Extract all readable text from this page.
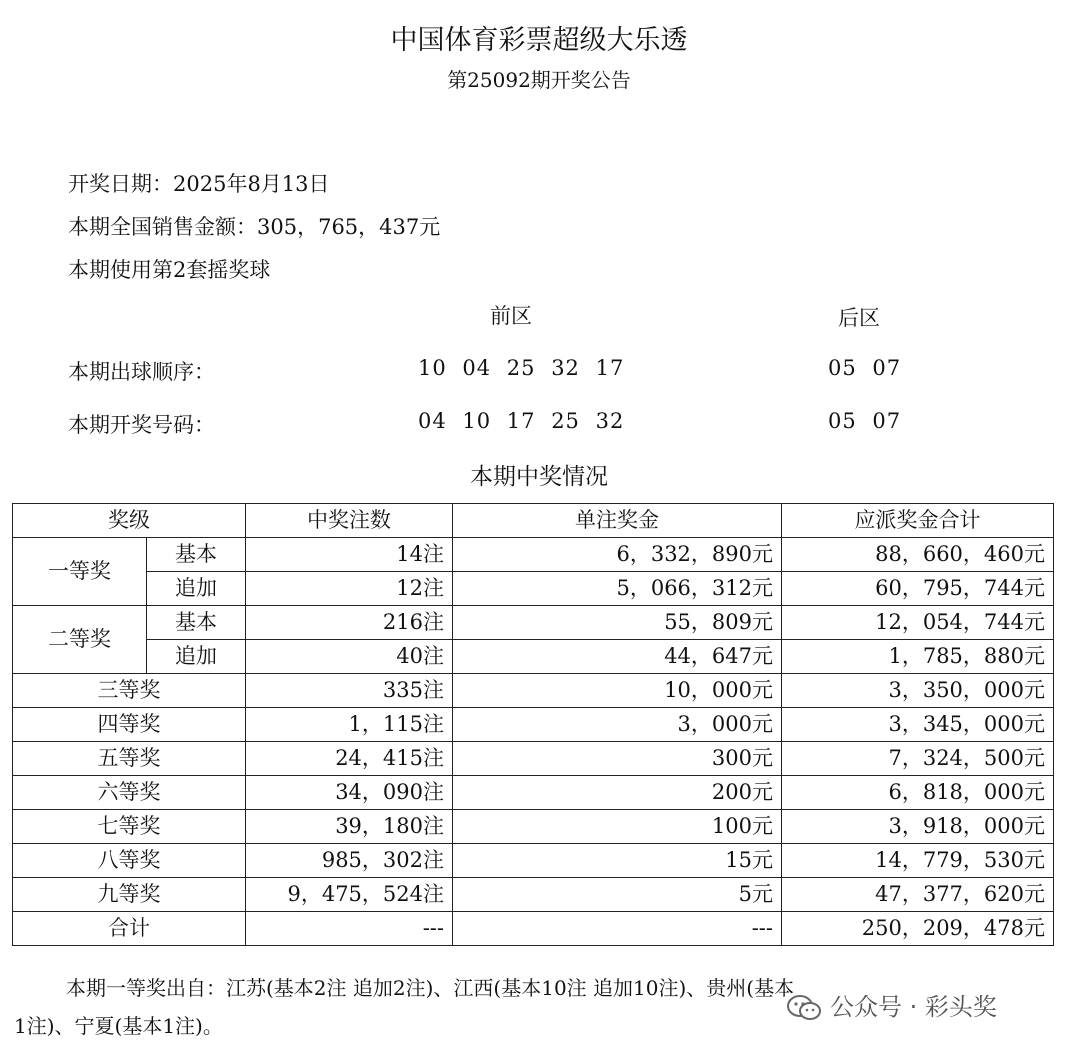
中国体育彩票超级大乐透
第25092期开奖公告
开奖日期：2025年8月13日
本期全国销售金额：305，765，437元
本期使用第2套摇奖球
前区	后区
本期出球顺序：	10 04 25 32 17	05 07
本期开奖号码：	04 10 17 25 32	05 07
本期中奖情况
奖级		中奖注数	单注奖金	应派奖金合计
一等奖	基本	14注	6，332，890元	88，660，460元
	追加	12注	5，066，312元	60，795，744元
二等奖	基本	216注	55，809元	12，054，744元
	追加	40注	44，647元	1，785，880元
三等奖		335注	10，000元	3，350，000元
四等奖		1，115注	3，000元	3，345，000元
五等奖		24，415注	300元	7，324，500元
六等奖		34，090注	200元	6，818，000元
七等奖		39，180注	100元	3，918，000元
八等奖		985，302注	15元	14，779，530元
九等奖		9，475，524注	5元	47，377，620元
合计		---	---	250，209，478元
本期一等奖出自：江苏(基本2注 追加2注)、江西(基本10注 追加10注)、贵州(基本
1注)、宁夏(基本1注)。
公众号 · 彩头奖
